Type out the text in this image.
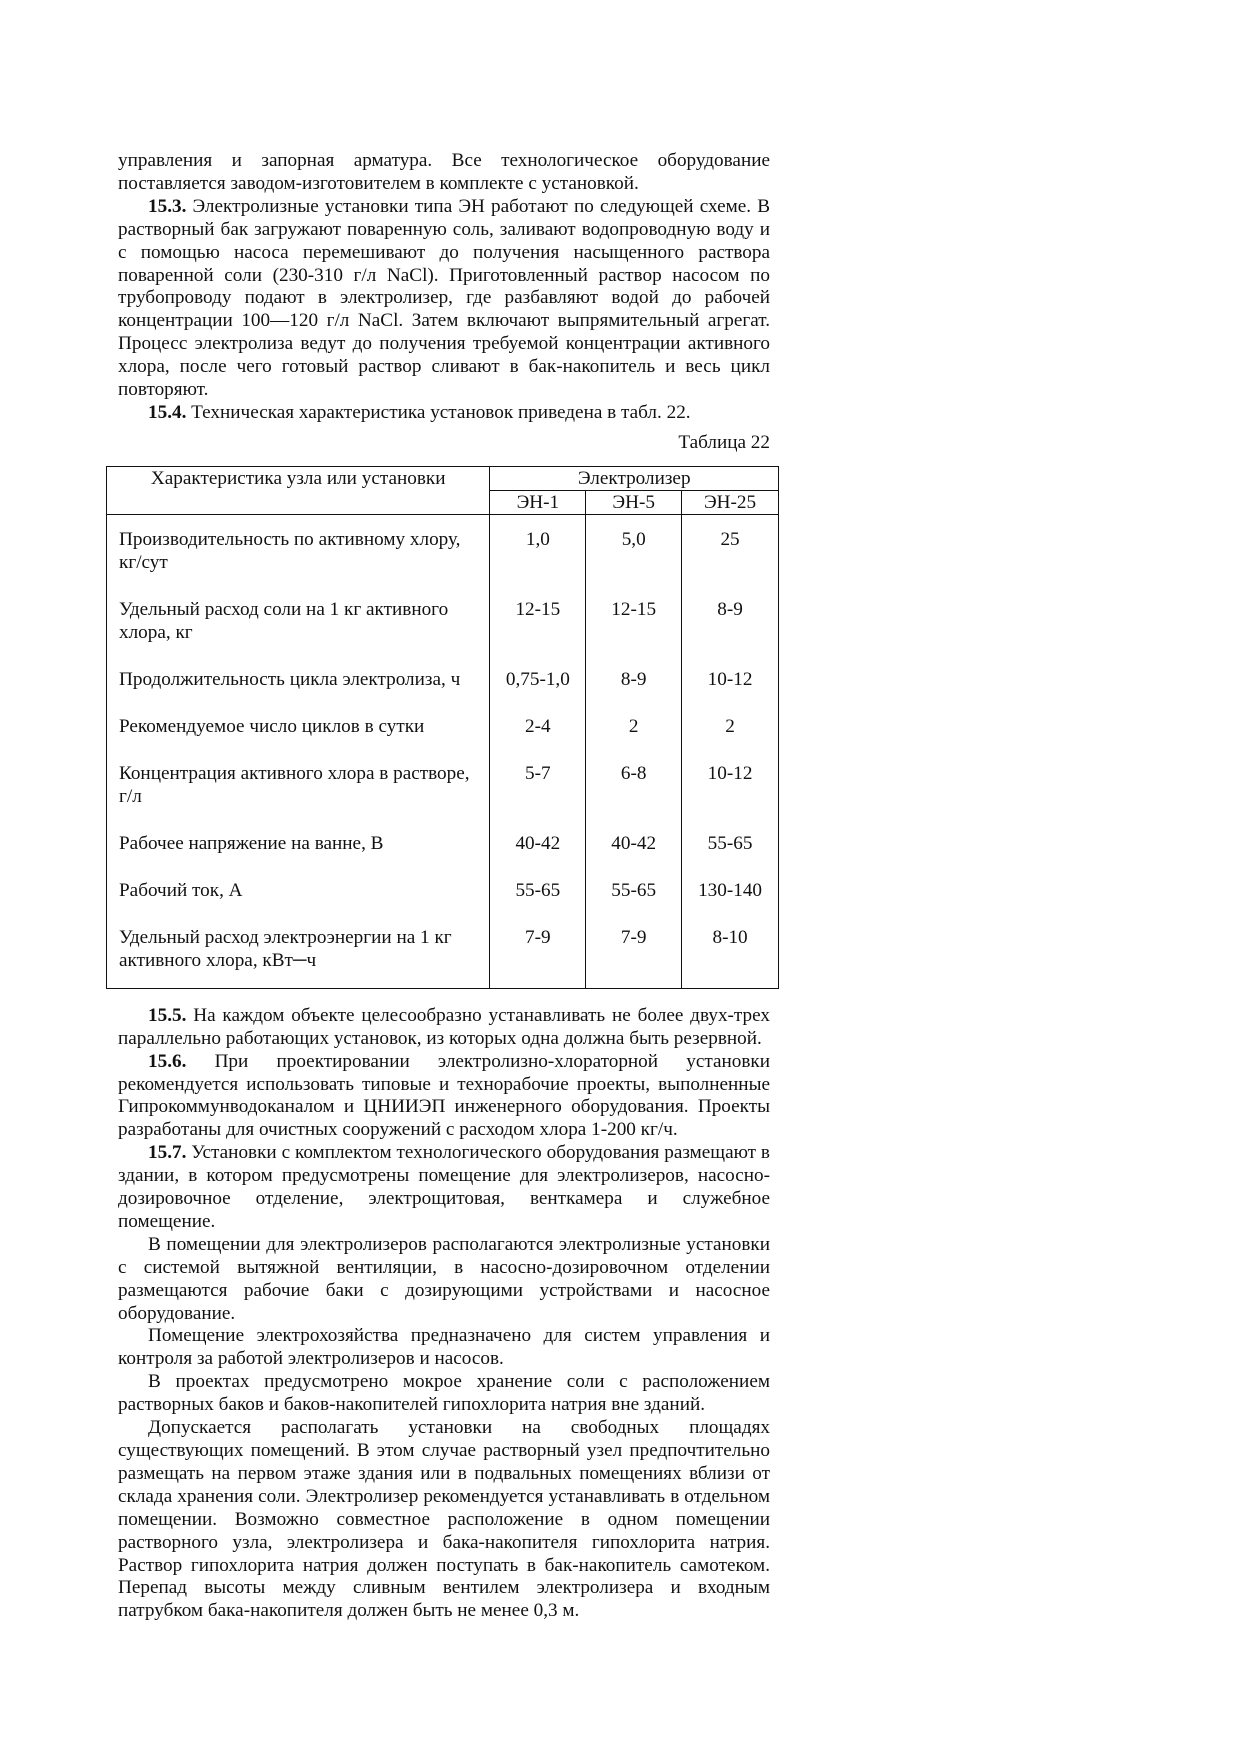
управления и запорная арматура. Все технологическое оборудование поставляется заводом-изготовителем в комплекте с установкой.

15.3. Электролизные установки типа ЭН работают по следующей схеме. В растворный бак загружают поваренную соль, заливают водопроводную воду и с помощью насоса перемешивают до получения насыщенного раствора поваренной соли (230-310 г/л NaCl). Приготовленный раствор насосом по трубопроводу подают в электролизер, где разбавляют водой до рабочей концентрации 100—120 г/л NaCl. Затем включают выпрямительный агрегат. Процесс электролиза ведут до получения требуемой концентрации активного хлора, после чего готовый раствор сливают в бак-накопитель и весь цикл повторяют.

15.4. Техническая характеристика установок приведена в табл. 22.

Таблица 22

Характеристика узла или установки	Электролизер		
	ЭН-1	ЭН-5	ЭН-25
Производительность по активному хлору, кг/сут	1,0	5,0	25
Удельный расход соли на 1 кг активного хлора, кг	12-15	12-15	8-9
Продолжительность цикла электролиза, ч	0,75-1,0	8-9	10-12
Рекомендуемое число циклов в сутки	2-4	2	2
Концентрация активного хлора в растворе, г/л	5-7	6-8	10-12
Рабочее напряжение на ванне, В	40-42	40-42	55-65
Рабочий ток, А	55-65	55-65	130-140
Удельный расход электроэнергии на 1 кг активного хлора, кВт─ч	7-9	7-9	8-10

15.5. На каждом объекте целесообразно устанавливать не более двух-трех параллельно работающих установок, из которых одна должна быть резервной.

15.6. При проектировании электролизно-хлораторной установки рекомендуется использовать типовые и технорабочие проекты, выполненные Гипрокоммунводоканалом и ЦНИИЭП инженерного оборудования. Проекты разработаны для очистных сооружений с расходом хлора 1-200 кг/ч.

15.7. Установки с комплектом технологического оборудования размещают в здании, в котором предусмотрены помещение для электролизеров, насосно-дозировочное отделение, электрощитовая, венткамера и служебное помещение.

В помещении для электролизеров располагаются электролизные установки с системой вытяжной вентиляции, в насосно-дозировочном отделении размещаются рабочие баки с дозирующими устройствами и насосное оборудование.

Помещение электрохозяйства предназначено для систем управления и контроля за работой электролизеров и насосов.

В проектах предусмотрено мокрое хранение соли с расположением растворных баков и баков-накопителей гипохлорита натрия вне зданий.

Допускается располагать установки на свободных площадях существующих помещений. В этом случае растворный узел предпочтительно размещать на первом этаже здания или в подвальных помещениях вблизи от склада хранения соли. Электролизер рекомендуется устанавливать в отдельном помещении. Возможно совместное расположение в одном помещении растворного узла, электролизера и бака-накопителя гипохлорита натрия. Раствор гипохлорита натрия должен поступать в бак-накопитель самотеком. Перепад высоты между сливным вентилем электролизера и входным патрубком бака-накопителя должен быть не менее 0,3 м.
